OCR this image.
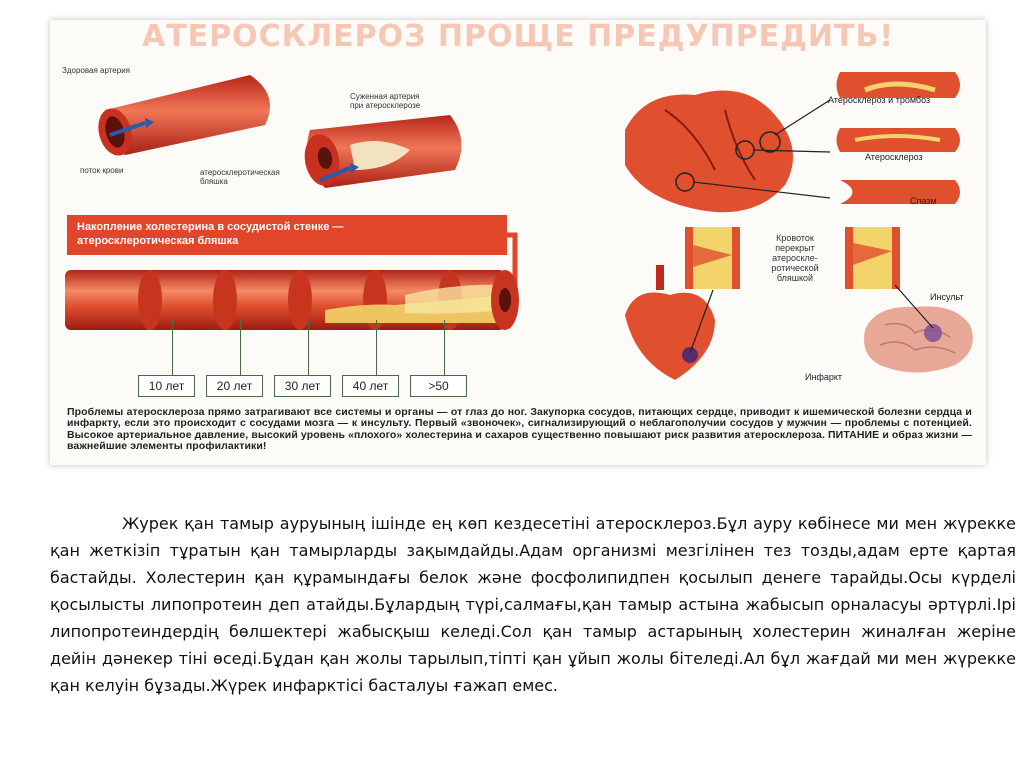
АТЕРОСКЛЕРОЗ ПРОЩЕ ПРЕДУПРЕДИТЬ!
Здоровая артерия
Суженная артерия
при атеросклерозе
поток крови	атеросклеротическая
бляшка
Накопление холестерина в сосудистой стенке —
атеросклеротическая бляшка
10 лет	20 лет	30 лет	40 лет	>50
Атеросклероз и тромбоз
Атеросклероз
Спазм
Кровоток
перекрыт
атероскле-
ротической
бляшкой
Инсульт
Инфаркт
Проблемы атеросклероза прямо затрагивают все системы и органы — от глаз до ног. Закупорка сосудов, питающих сердце, приводит к ишемической болезни сердца и инфаркту, если это происходит с сосудами мозга — к инсульту. Первый «звоночек», сигнализирующий о неблагополучии сосудов у мужчин — проблемы с потенцией. Высокое артериальное давление, высокий уровень «плохого» холестерина и сахаров существенно повышают риск развития атеросклероза. ПИТАНИЕ и образ жизни — важнейшие элементы профилактики!
Журек қан тамыр ауруының ішінде ең көп кездесетіні атеросклероз.Бұл ауру көбінесе ми мен жүрекке қан жеткізіп тұратын қан тамырларды зақымдайды.Адам организмі мезгілінен тез тозды,адам ерте қартая бастайды. Холестерин қан құрамындағы белок және фосфолипидпен қосылып денеге тарайды.Осы күрделі қосылысты липопротеин деп атайды.Бұлардың түрі,салмағы,қан тамыр астына жабысып орналасуы әртүрлі.Ірі липопротеиндердің бөлшектері жабысқыш келеді.Сол қан тамыр астарының холестерин жиналған жеріне дейін дәнекер тіні өседі.Бұдан қан жолы тарылып,тіпті қан ұйып жолы бітеледі.Ал бұл жағдай ми мен жүрекке қан келуін бұзады.Жүрек инфарктісі басталуы ғажап емес.
